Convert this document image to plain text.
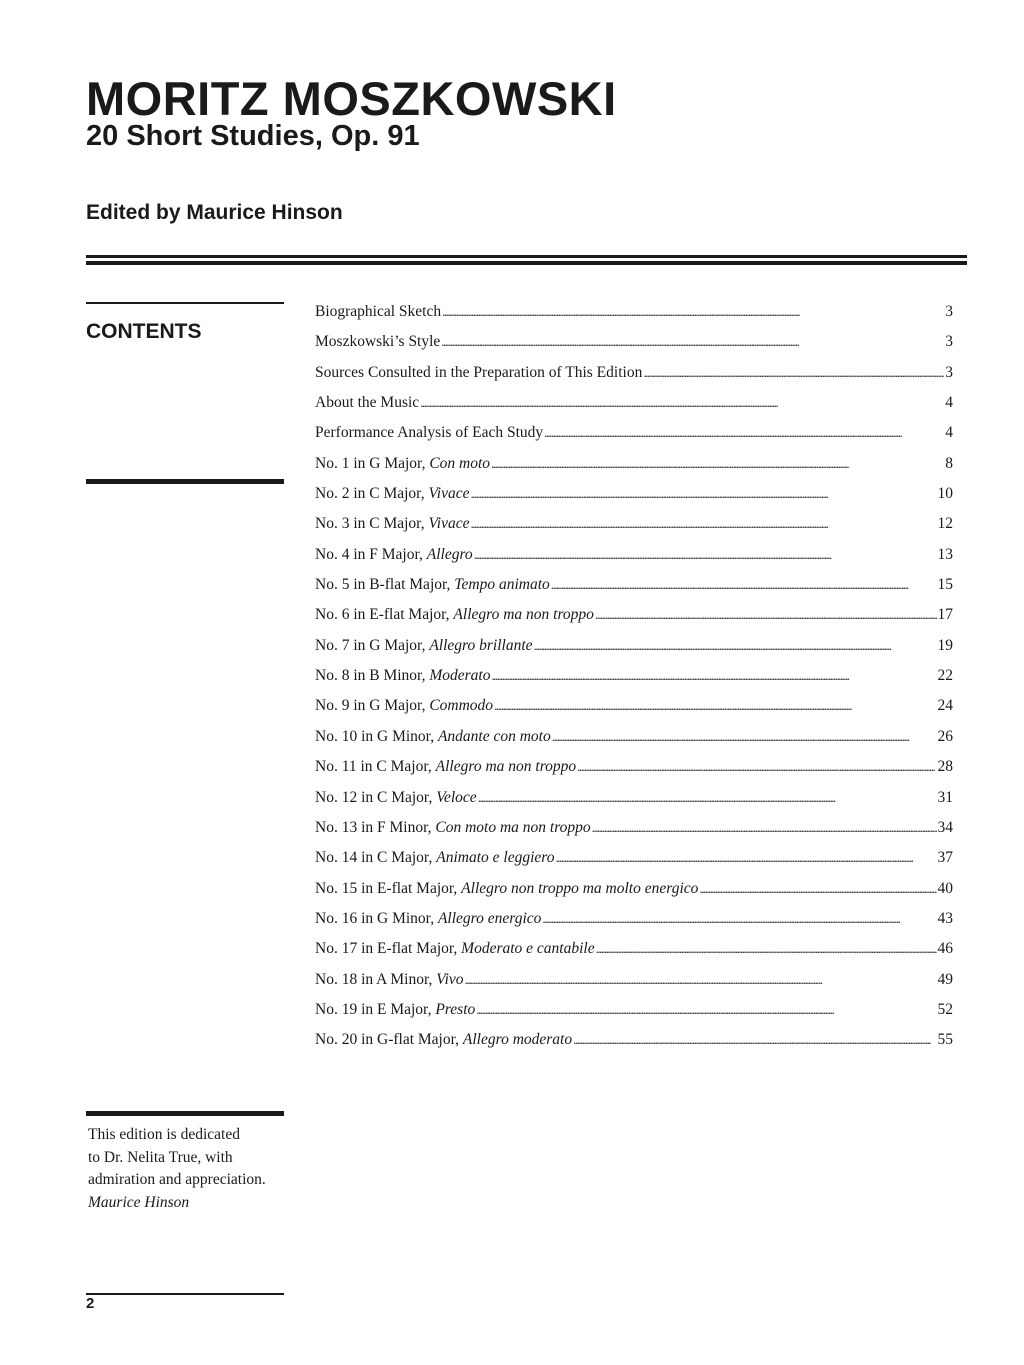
MORITZ MOSZKOWSKI
20 Short Studies, Op. 91
Edited by Maurice Hinson
CONTENTS
Biographical Sketch . . .	3
Moszkowski’s Style . . .	3
Sources Consulted in the Preparation of This Edition . . .	3
About the Music . . .	4
Performance Analysis of Each Study . . .	4
No. 1 in G Major, Con moto . . .	8
No. 2 in C Major, Vivace . . .	10
No. 3 in C Major, Vivace . . .	12
No. 4 in F Major, Allegro . . .	13
No. 5 in B-flat Major, Tempo animato . . .	15
No. 6 in E-flat Major, Allegro ma non troppo . . .	17
No. 7 in G Major, Allegro brillante . . .	19
No. 8 in B Minor, Moderato . . .	22
No. 9 in G Major, Commodo . . .	24
No. 10 in G Minor, Andante con moto . . .	26
No. 11 in C Major, Allegro ma non troppo . . .	28
No. 12 in C Major, Veloce . . .	31
No. 13 in F Minor, Con moto ma non troppo . . .	34
No. 14 in C Major, Animato e leggiero . . .	37
No. 15 in E-flat Major, Allegro non troppo ma molto energico . . .	40
No. 16 in G Minor, Allegro energico . . .	43
No. 17 in E-flat Major, Moderato e cantabile . . .	46
No. 18 in A Minor, Vivo . . .	49
No. 19 in E Major, Presto . . .	52
No. 20 in G-flat Major, Allegro moderato . . .	55

This edition is dedicated
to Dr. Nelita True, with
admiration and appreciation.
Maurice Hinson

2
